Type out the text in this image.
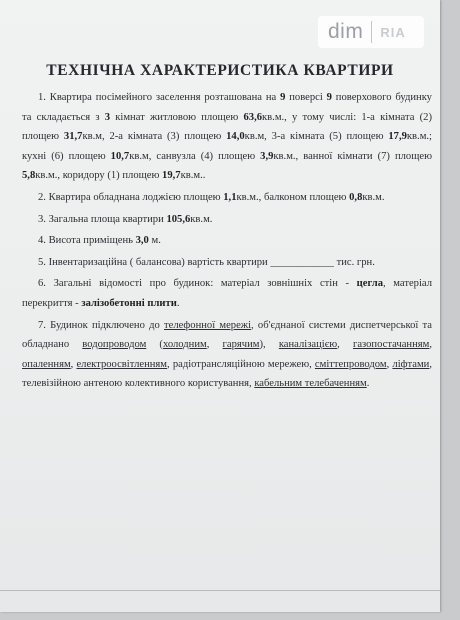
dim RIA
ТЕХНІЧНА ХАРАКТЕРИСТИКА КВАРТИРИ

1. Квартира посімейного заселення розташована на 9 поверсі 9 поверхового будинку та складається з 3 кімнат житловою площею 63,6кв.м., у тому числі: 1-а кімната (2) площею 31,7кв.м, 2-а кімната (3) площею 14,0кв.м, 3-а кімната (5) площею 17,9кв.м.; кухні (6) площею 10,7кв.м, санвузла (4) площею 3,9кв.м., ванної кімнати (7) площею 5,8кв.м., коридору (1) площею 19,7кв.м..

2. Квартира обладнана лоджією площею 1,1кв.м., балконом площею 0,8кв.м.

3. Загальна площа квартири 105,6кв.м.

4. Висота приміщень 3,0 м.

5. Інвентаризаційна ( балансова) вартість квартири ____________ тис. грн.

6. Загальні відомості про будинок: матеріал зовнішніх стін - цегла, матеріал перекриття - залізобетонні плити.

7. Будинок підключено до телефонної мережі, об'єднаної системи диспетчерської та обладнано водопроводом (холодним, гарячим), каналізацією, газопостачанням, опаленням, електроосвітленням, радіотрансляційною мережею, сміттепроводом, ліфтами, телевізійною антеною колективного користування, кабельним телебаченням.
